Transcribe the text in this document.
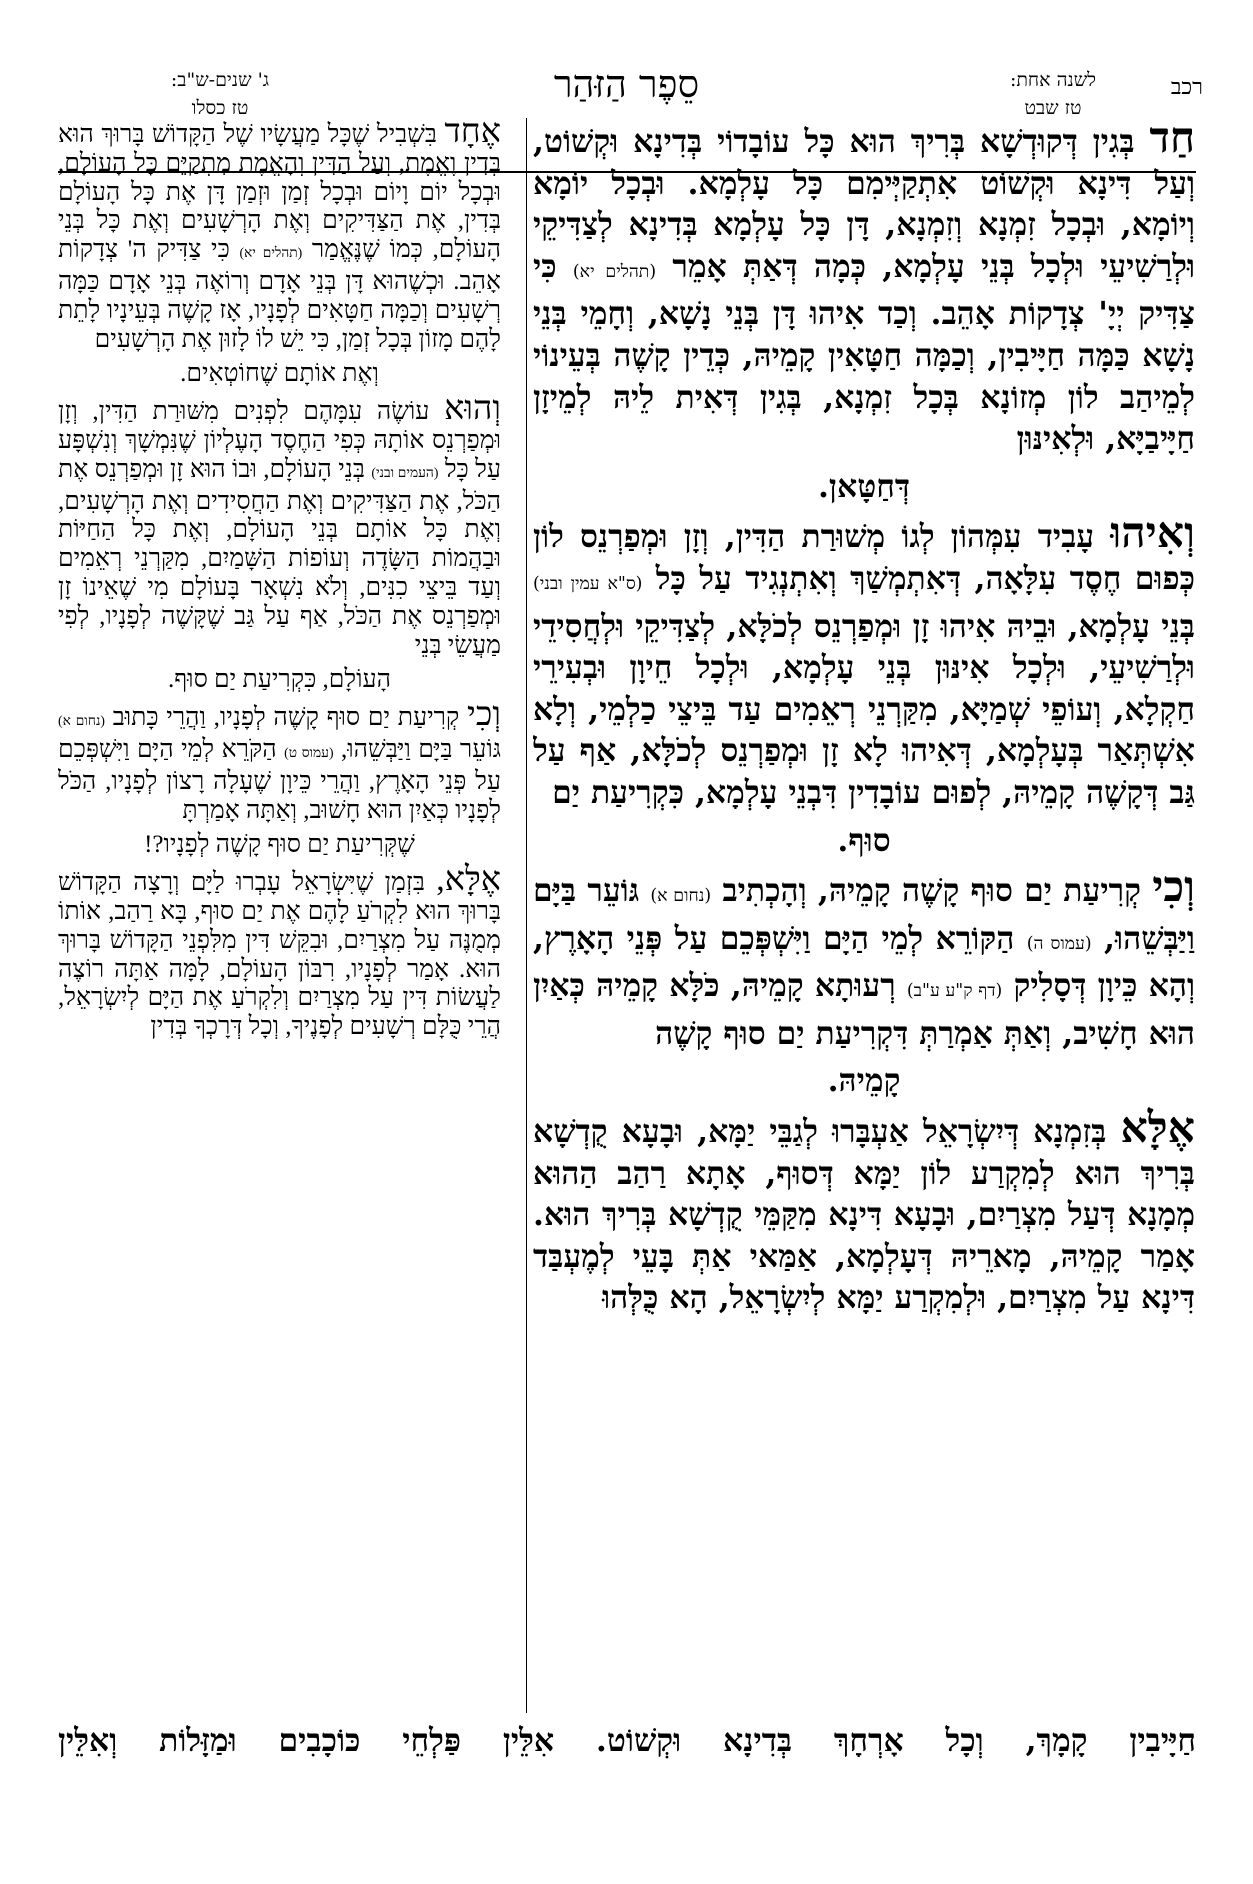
רכב
לשנה אחת:
טז שבט
סֵפֶר הַזּהַר
ג' שנים-ש"ב:
טז כסלו

חַד בְּגִין דְּקוּדְשָׁא בְּרִיךְ הוּא כָּל עוֹבָדוֹי בְּדִינָא וּקְשׁוֹט, וְעַל דִּינָא וּקְשׁוֹט אִתְקַיְּימִם כָּל עָלְמָא. וּבְכָל יוֹמָא וְיוֹמָא, וּבְכָל זִמְנָא וְזִמְנָא, דָּן כָּל עָלְמָא בְּדִינָא לְצַדִּיקֵי וּלְרַשִׁיעֵי וּלְכָל בְּנֵי עָלְמָא, כְּמָה דְּאַתְּ אָמֵר (תהלים יא) כִּי צַדִּיק יְיָ' צְדָקוֹת אָהֵב. וְכַד אִיהוּ דָּן בְּנֵי נָשָׁא, וְחָמֵי בְּנֵי נָשָׁא כַּמָּה חַיָּיבִין, וְכַמָּה חַטָּאִין קָמֵיהּ, כְּדֵין קָשֶׁה בְּעֵינוֹי לְמֵיהַב לוֹן מְזוֹנָא בְּכָל זִמְנָא, בְּגִין דְּאִית לֵיהּ לְמֵיזָן חַיָּיבַיָּא, וּלְאִינּוּן

דְּחַטָּאן.

וְאִיהוּ עָבִיד עִמְּהוֹן לְגוֹ מְשׁוּרַת הַדִּין, וְזָן וּמְפַרְנֵס לוֹן כְּפוּם חֶסֶד עִלָּאָה, דְּאִתְמְשַׁךְ וְאִתְנְגִיד עַל כָּל (ס"א עמין ובני) בְּנֵי עָלְמָא, וּבֵיהּ אִיהוּ זָן וּמְפַרְנֵס לְכֹלָּא, לְצַדִּיקֵי וּלְחֲסִידֵי וּלְרַשִׁיעֵי, וּלְכָל אִינּוּן בְּנֵי עָלְמָא, וּלְכָל חֵיוָן וּבְעִירֵי חַקְלָא, וְעוֹפֵי שְׁמַיָּא, מִקַּרְנֵי רְאֵמִים עַד בֵּיצֵי כַלְמֵי, וְלָא אִשְׁתְּאַר בְּעָלְמָא, דְּאִיהוּ לָא זָן וּמְפַרְנֵס לְכֹלָּא, אַף עַל גַּב דְּקָשֶׁה קָמֵיהּ, לְפוּם עוֹבָדִין דִּבְנֵי עָלְמָא, כִּקְרִיעַת יַם

סוּף.

וְכִי קְרִיעַת יַם סוּף קָשֶׁה קָמֵיהּ, וְהָכְתִיב (נחום א) גּוֹעֵר בַּיָּם וַיַּבְּשֵׁהוּ, (עמוס ה) הַקּוֹרֵא לְמֵי הַיָּם וַיִּשְׁפְּכֵם עַל פְּנֵי הָאָרֶץ, וְהָא כֵּיוָן דְּסָלִיק (דף ק"ע ע"ב) רְעוּתָא קָמֵיהּ, כֹּלָּא קָמֵיהּ כְּאַיִן הוּא חָשִׁיב, וְאַתְּ אַמְרַתְּ דִּקְרִיעַת יַם סוּף קָשֶׁה

קָמֵיהּ.

אֶלָּא בְּזִמְנָא דְּיִשְׂרָאֵל אַעְבָּרוּ לְגַבֵּי יַמָּא, וּבָעָא קֻדְשָׁא בְּרִיךְ הוּא לְמִקְרַע לוֹן יַמָּא דְּסוּף, אָתָא רַהַב הַהוּא מְמָנָא דְּעַל מִצְרַיִם, וּבָעָא דִּינָא מִקַּמֵּי קֻדְשָׁא בְּרִיךְ הוּא. אָמַר קָמֵיהּ, מָארֵיהּ דְּעָלְמָא, אַמַּאי אַתְּ בָּעֵי לְמֶעְבַּד דִּינָא עַל מִצְרַיִם, וּלְמִקְרַע יַמָּא לְיִשְׂרָאֵל, הָא כֻּלְּהוּ

אֶחָד בִּשְׁבִיל שֶׁכָּל מַעֲשָׂיו שֶׁל הַקָּדוֹשׁ בָּרוּךְ הוּא בְּדִין וֶאֱמֶת, וְעַל הַדִּין וְהָאֱמֶת מִתְקַיֵּם כָּל הָעוֹלָם, וּבְכָל יוֹם וָיוֹם וּבְכָל זְמַן וּזְמַן דָּן אֶת כָּל הָעוֹלָם בְּדִין, אֶת הַצַּדִּיקִים וְאֶת הָרְשָׁעִים וְאֶת כָּל בְּנֵי הָעוֹלָם, כְּמוֹ שֶׁנֶּאֱמַר (תהלים יא) כִּי צַדִּיק ה' צְדָקוֹת אָהֵב. וּכְשֶׁהוּא דָּן בְּנֵי אָדָם וְרוֹאֶה בְּנֵי אָדָם כַּמָּה רְשָׁעִים וְכַמָּה חַטָּאִים לְפָנָיו, אָז קָשֶׁה בְּעֵינָיו לָתֵת לָהֶם מָזוֹן בְּכָל זְמַן, כִּי יֵשׁ לוֹ לָזוּן אֶת הָרְשָׁעִים

וְאֶת אוֹתָם שֶׁחוֹטְאִים.

וְהוּא עוֹשֶׂה עִמָּהֶם לִפְנִים מִשּׁוּרַת הַדִּין, וְזָן וּמְפַרְנֵס אוֹתָהּ כְּפִי הַחֶסֶד הָעֶלְיוֹן שֶׁנִּמְשָׁךְ וְנִשְׁפָּע עַל כָּל (העמים ובני) בְּנֵי הָעוֹלָם, וּבוֹ הוּא זָן וּמְפַרְנֵס אֶת הַכֹּל, אֶת הַצַּדִּיקִים וְאֶת הַחֲסִידִים וְאֶת הָרְשָׁעִים, וְאֶת כָּל אוֹתָם בְּנֵי הָעוֹלָם, וְאֶת כָּל הַחַיּוֹת וּבַהֲמוֹת הַשָּׂדֶה וְעוֹפוֹת הַשָּׁמַיִם, מִקַּרְנֵי רְאֵמִים וְעַד בֵּיצֵי כִנִּים, וְלֹא נִשְׁאָר בָּעוֹלָם מִי שֶׁאֵינוֹ זָן וּמְפַרְנֵס אֶת הַכֹּל, אַף עַל גַּב שֶׁקָּשֶׁה לְפָנָיו, לְפִי מַעֲשֵׂי בְּנֵי

הָעוֹלָם, כִּקְרִיעַת יַם סוּף.

וְכִי קְרִיעַת יַם סוּף קָשֶׁה לְפָנָיו, וַהֲרֵי כָּתוּב (נחום א) גּוֹעֵר בַּיָּם וַיַּבְּשֵׁהוּ, (עמוס ט) הַקֹּרֵא לְמֵי הַיָּם וַיִּשְׁפְּכֵם עַל פְּנֵי הָאָרֶץ, וַהֲרֵי כֵּיוָן שֶׁעָלָה רָצוֹן לְפָנָיו, הַכֹּל לְפָנָיו כְּאַיִן הוּא חָשׁוּב, וְאַתָּה אָמַרְתָּ

שֶׁקְּרִיעַת יַם סוּף קָשֶׁה לְפָנָיו?!

אֶלָּא, בִּזְמַן שֶׁיִּשְׂרָאֵל עָבְרוּ לַיָּם וְרָצָה הַקָּדוֹשׁ בָּרוּךְ הוּא לִקְרֹעַ לָהֶם אֶת יַם סוּף, בָּא רַהַב, אוֹתוֹ מְמֻנֶּה עַל מִצְרַיִם, וּבִקֵּשׁ דִּין מִלִּפְנֵי הַקָּדוֹשׁ בָּרוּךְ הוּא. אָמַר לְפָנָיו, רִבּוֹן הָעוֹלָם, לָמָּה אַתָּה רוֹצֶה לַעֲשׂוֹת דִּין עַל מִצְרַיִם וְלִקְרֹעַ אֶת הַיָּם לְיִשְׂרָאֵל, הֲרֵי כֻּלָּם רְשָׁעִים לְפָנֶיךָ, וְכָל דְּרָכְךָ בְּדִין

חַיָּיבִין קָמָךְ, וְכָל אָרְחָךְ בְּדִינָא וּקְשׁוֹט. אִלֵּין פַּלְחֵי כּוֹכָבִים וּמַזָּלוֹת וְאִלֵּין
